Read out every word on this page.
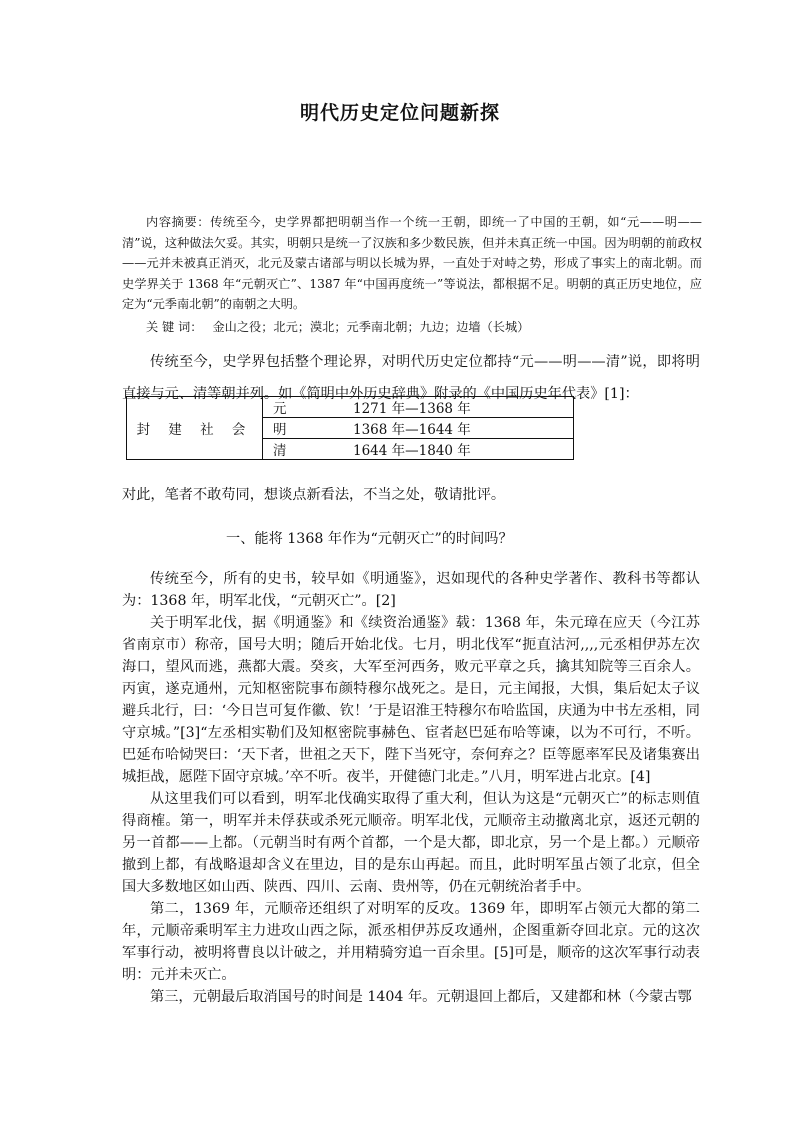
明代历史定位问题新探

内容摘要：传统至今，史学界都把明朝当作一个统一王朝，即统一了中国的王朝，如“元——明——清”说，这种做法欠妥。其实，明朝只是统一了汉族和多少数民族，但并未真正统一中国。因为明朝的前政权——元并未被真正消灭，北元及蒙古诸部与明以长城为界，一直处于对峙之势，形成了事实上的南北朝。而史学界关于 1368 年“元朝灭亡”、1387 年“中国再度统一”等说法，都根据不足。明朝的真正历史地位，应定为“元季南北朝”的南朝之大明。

关 键 词： 金山之役；北元；漠北；元季南北朝；九边；边墙（长城）

传统至今，史学界包括整个理论界，对明代历史定位都持“元——明——清”说，即将明直接与元、清等朝并列。如《简明中外历史辞典》附录的《中国历史年代表》[1]：

封 建 社 会	元	1271 年—1368 年
明	1368 年—1644 年
清	1644 年—1840 年

对此，笔者不敢苟同，想谈点新看法，不当之处，敬请批评。

一、能将 1368 年作为“元朝灭亡”的时间吗？

传统至今，所有的史书，较早如《明通鉴》，迟如现代的各种史学著作、教科书等都认为：1368 年，明军北伐，“元朝灭亡”。[2]

关于明军北伐，据《明通鉴》和《续资治通鉴》载：1368 年，朱元璋在应天（今江苏省南京市）称帝，国号大明；随后开始北伐。七月，明北伐军“扼直沽河,,,,元丞相伊苏左次海口，望风而逃，燕都大震。癸亥，大军至河西务，败元平章之兵，擒其知院等三百余人。丙寅，遂克通州，元知枢密院事布颜特穆尔战死之。是日，元主闻报，大惧，集后妃太子议避兵北行，曰：‘今日岂可复作徽、钦！’于是诏淮王特穆尔布哈监国，庆通为中书左丞相，同守京城。”[3]“左丞相实勒们及知枢密院事赫色、宦者赵巴延布哈等谏，以为不可行，不听。巴延布哈恸哭曰：‘天下者，世祖之天下，陛下当死守，奈何弃之？臣等愿率军民及诸集赛出城拒战，愿陛下固守京城。’卒不听。夜半，开健德门北走。”八月，明军进占北京。[4]

从这里我们可以看到，明军北伐确实取得了重大利，但认为这是“元朝灭亡”的标志则值得商榷。第一，明军并未俘获或杀死元顺帝。明军北伐，元顺帝主动撤离北京，返还元朝的另一首都——上都。（元朝当时有两个首都，一个是大都，即北京，另一个是上都。）元顺帝撤到上都，有战略退却含义在里边，目的是东山再起。而且，此时明军虽占领了北京，但全国大多数地区如山西、陕西、四川、云南、贵州等，仍在元朝统治者手中。

第二，1369 年，元顺帝还组织了对明军的反攻。1369 年，即明军占领元大都的第二年，元顺帝乘明军主力进攻山西之际，派丞相伊苏反攻通州，企图重新夺回北京。元的这次军事行动，被明将曹良以计破之，并用精骑穷追一百余里。[5]可是，顺帝的这次军事行动表明：元并未灭亡。

第三，元朝最后取消国号的时间是 1404 年。元朝退回上都后，又建都和林（今蒙古鄂
